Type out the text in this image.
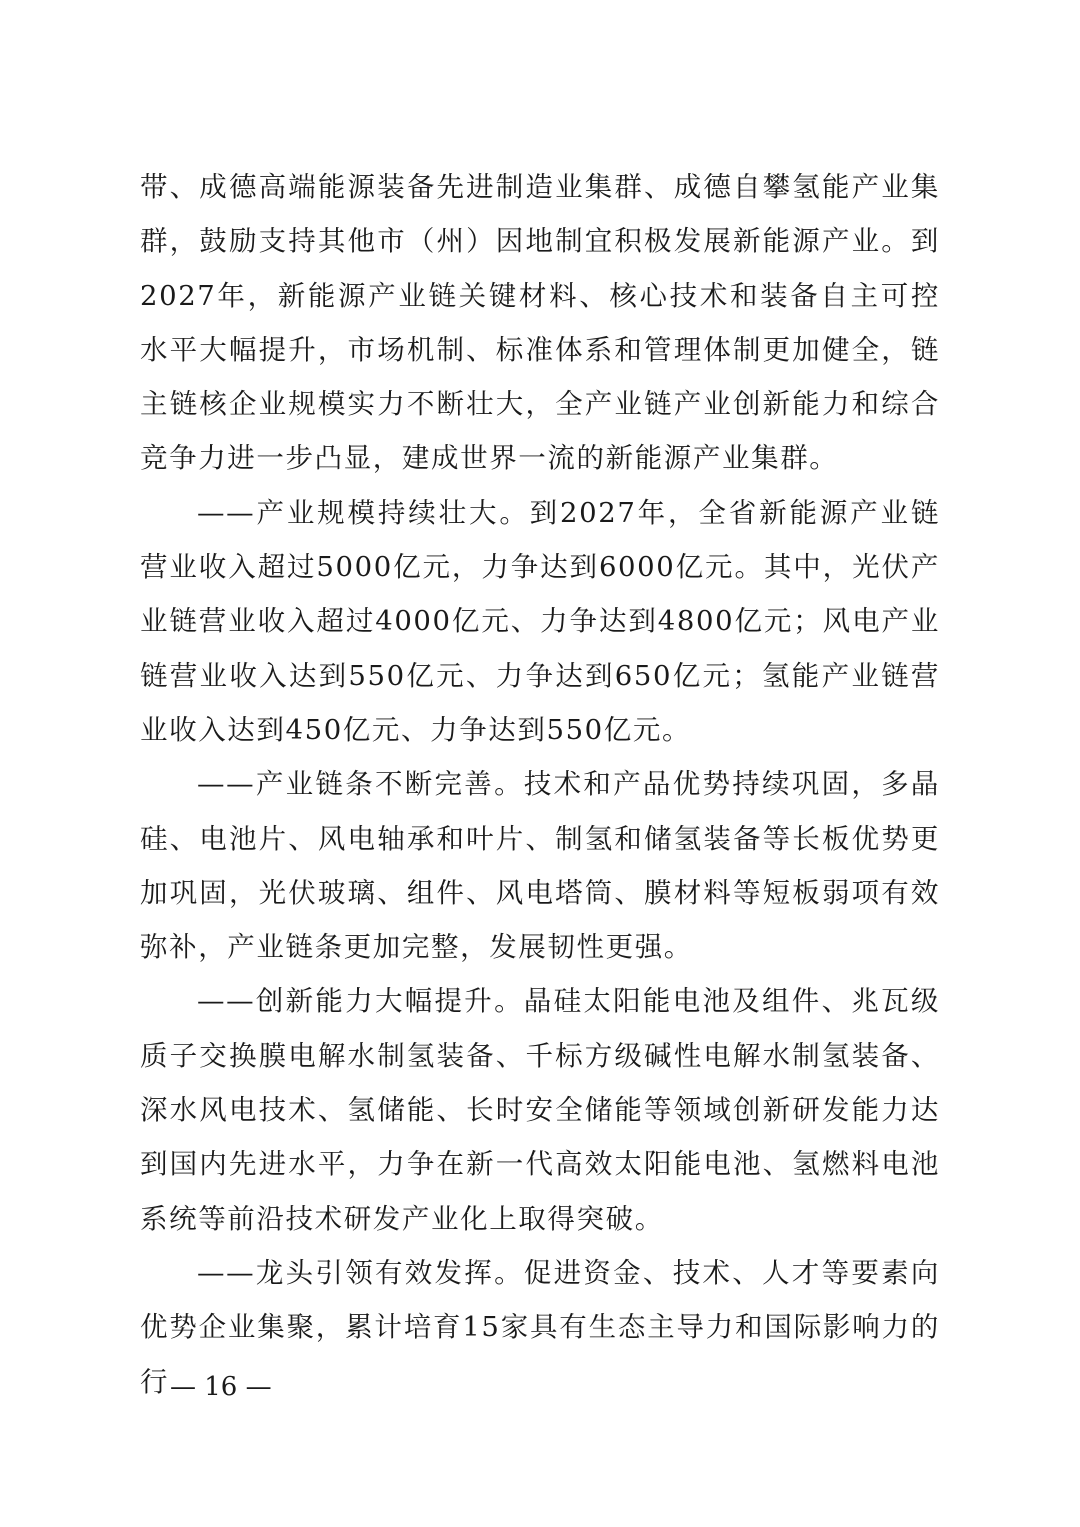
带、成德高端能源装备先进制造业集群、成德自攀氢能产业集群，鼓励支持其他市（州）因地制宜积极发展新能源产业。到2027年，新能源产业链关键材料、核心技术和装备自主可控水平大幅提升，市场机制、标准体系和管理体制更加健全，链主链核企业规模实力不断壮大，全产业链产业创新能力和综合竞争力进一步凸显，建成世界一流的新能源产业集群。

——产业规模持续壮大。到2027年，全省新能源产业链营业收入超过5000亿元，力争达到6000亿元。其中，光伏产业链营业收入超过4000亿元、力争达到4800亿元；风电产业链营业收入达到550亿元、力争达到650亿元；氢能产业链营业收入达到450亿元、力争达到550亿元。

——产业链条不断完善。技术和产品优势持续巩固，多晶硅、电池片、风电轴承和叶片、制氢和储氢装备等长板优势更加巩固，光伏玻璃、组件、风电塔筒、膜材料等短板弱项有效弥补，产业链条更加完整，发展韧性更强。

——创新能力大幅提升。晶硅太阳能电池及组件、兆瓦级质子交换膜电解水制氢装备、千标方级碱性电解水制氢装备、深水风电技术、氢储能、长时安全储能等领域创新研发能力达到国内先进水平，力争在新一代高效太阳能电池、氢燃料电池系统等前沿技术研发产业化上取得突破。

——龙头引领有效发挥。促进资金、技术、人才等要素向优势企业集聚，累计培育15家具有生态主导力和国际影响力的行 — 16 —
